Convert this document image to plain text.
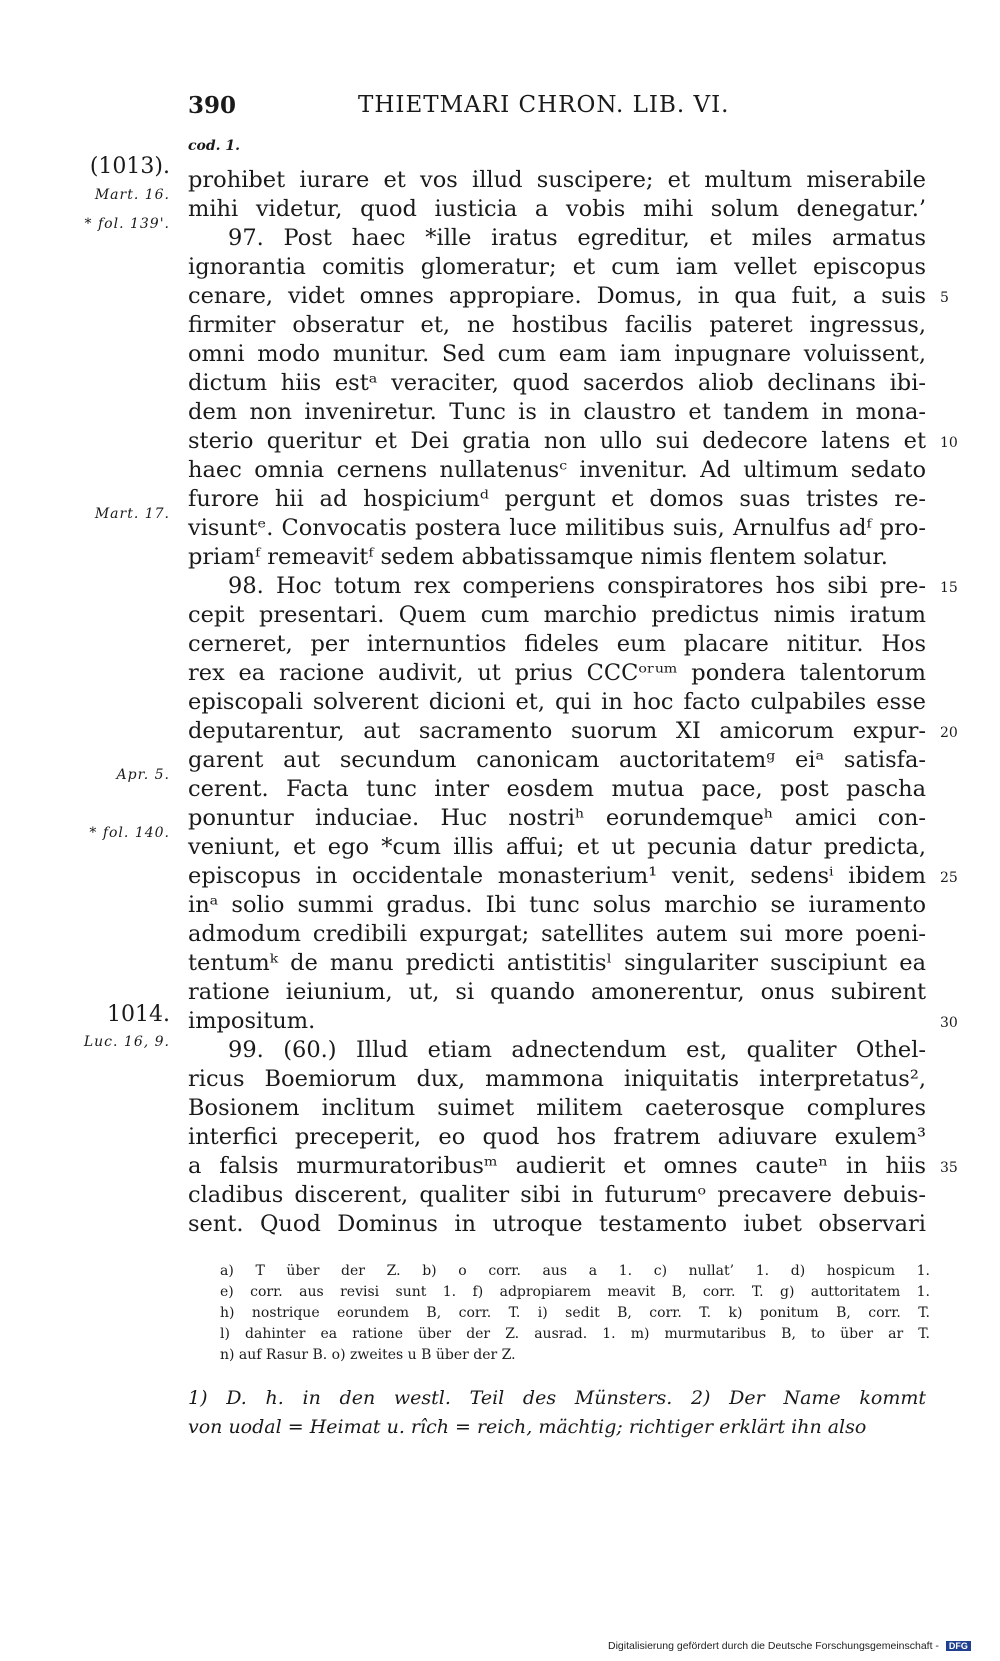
390	THIETMARI CHRON. LIB. VI.
cod. 1.
(1013).
Mart. 16.
* fol. 139'.
Mart. 17.
Apr. 5.
* fol. 140.
1014.
Luc. 16, 9.
prohibet iurare et vos illud suscipere; et multum miserabile
mihi videtur, quod iusticia a vobis mihi solum denegatur.’
97. Post haec *ille iratus egreditur, et miles armatus
ignorantia comitis glomeratur; et cum iam vellet episcopus
cenare, videt omnes appropiare. Domus, in qua fuit, a suis
firmiter obseratur et, ne hostibus facilis pateret ingressus,
omni modo munitur. Sed cum eam iam inpugnare voluissent,
dictum hiis estᵃ veraciter, quod sacerdos aliob declinans ibi-
dem non inveniretur. Tunc is in claustro et tandem in mona-
sterio queritur et Dei gratia non ullo sui dedecore latens et
haec omnia cernens nullatenusᶜ invenitur. Ad ultimum sedato
furore hii ad hospiciumᵈ pergunt et domos suas tristes re-
visuntᵉ. Convocatis postera luce militibus suis, Arnulfus adᶠ pro-
priamᶠ remeavitᶠ sedem abbatissamque nimis flentem solatur.
98. Hoc totum rex comperiens conspiratores hos sibi pre-
cepit presentari. Quem cum marchio predictus nimis iratum
cerneret, per internuntios fideles eum placare nititur. Hos
rex ea racione audivit, ut prius CCCᵒʳᵘᵐ pondera talentorum
episcopali solverent dicioni et, qui in hoc facto culpabiles esse
deputarentur, aut sacramento suorum XI amicorum expur-
garent aut secundum canonicam auctoritatemᵍ eiᵃ satisfa-
cerent. Facta tunc inter eosdem mutua pace, post pascha
ponuntur induciae. Huc nostriʰ eorundemqueʰ amici con-
veniunt, et ego *cum illis affui; et ut pecunia datur predicta,
episcopus in occidentale monasterium¹ venit, sedensⁱ ibidem
inᵃ solio summi gradus. Ibi tunc solus marchio se iuramento
admodum credibili expurgat; satellites autem sui more poeni-
tentumᵏ de manu predicti antistitisˡ singulariter suscipiunt ea
ratione ieiunium, ut, si quando amonerentur, onus subirent
impositum.
99. (60.) Illud etiam adnectendum est, qualiter Othel-
ricus Boemiorum dux, mammona iniquitatis interpretatus²,
Bosionem inclitum suimet militem caeterosque complures
interfici preceperit, eo quod hos fratrem adiuvare exulem³
a falsis murmuratoribusᵐ audierit et omnes cauteⁿ in hiis
cladibus discerent, qualiter sibi in futurumᵒ precavere debuis-
sent. Quod Dominus in utroque testamento iubet observari
5
10
15
20
25
30
35
a) T über der Z. b) o corr. aus a 1. c) nullat’ 1. d) hospicum 1.
e) corr. aus revisi sunt 1. f) adpropiarem meavit B, corr. T. g) auttoritatem 1.
h) nostrique eorundem B, corr. T. i) sedit B, corr. T. k) ponitum B, corr. T.
l) dahinter ea ratione über der Z. ausrad. 1. m) murmutaribus B, to über ar T.
n) auf Rasur B. o) zweites u B über der Z.
1) D. h. in den westl. Teil des Münsters. 2) Der Name kommt
von uodal = Heimat u. rîch = reich, mächtig; richtiger erklärt ihn also
Digitalisierung gefördert durch die Deutsche Forschungsgemeinschaft - DFG
